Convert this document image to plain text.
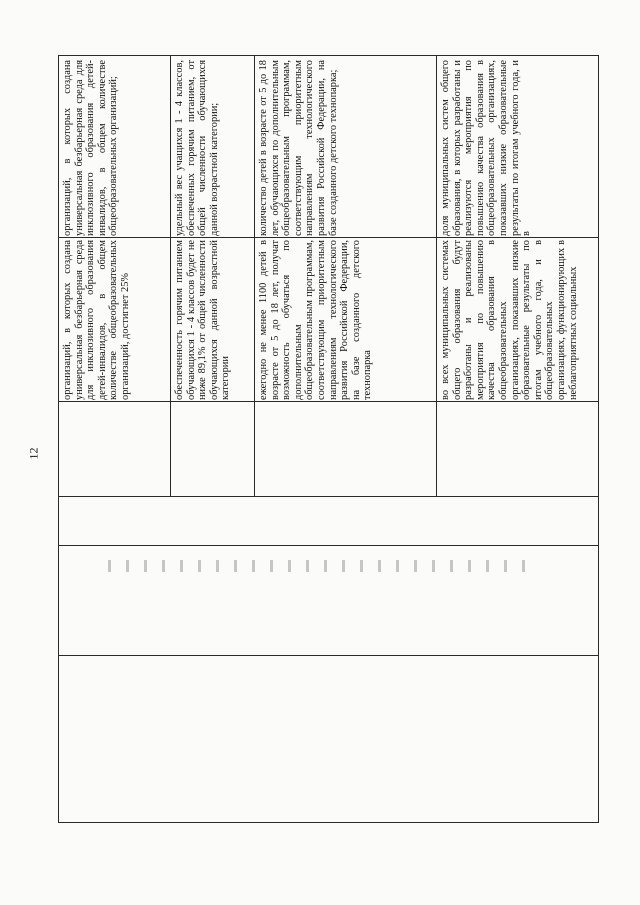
12
организаций, в которых создана универсальная безбарьерная среда для инклюзивного образования детей-инвалидов, в общем количестве общеобразовательных организаций, достигнет 25%
организаций, в которых создана универсальная безбарьерная среда для инклюзивного образования детей-инвалидов, в общем количестве общеобразовательных организаций;
обеспеченность горячим питанием обучающихся 1 - 4 классов будет не ниже 89,1% от общей численности обучающихся данной возрастной категории
удельный вес учащихся 1 - 4 классов, обеспеченных горячим питанием, от общей численности обучающихся данной возрастной категории;
ежегодно не менее 1100 детей в возрасте от 5 до 18 лет, получат возможность обучаться по дополнительным общеобразовательным программам, соответствующим приоритетным направлениям технологического развития Российской Федерации, на базе созданного детского технопарка
количество детей в возрасте от 5 до 18 лет, обучающихся по дополнительным общеобразовательным программам, соответствующим приоритетным направлениям технологического развития Российской Федерации, на базе созданного детского технопарка;
во всех муниципальных системах общего образования будут разработаны и реализованы мероприятия по повышению качества образования в общеобразовательных организациях, показавших низкие образовательные результаты по итогам учебного года, и в общеобразовательных организациях, функционирующих в неблагоприятных социальных
доля муниципальных систем общего образования, в которых разработаны и реализуются мероприятия по повышению качества образования в общеобразовательных организациях, показавших низкие образовательные результаты по итогам учебного года, и в
